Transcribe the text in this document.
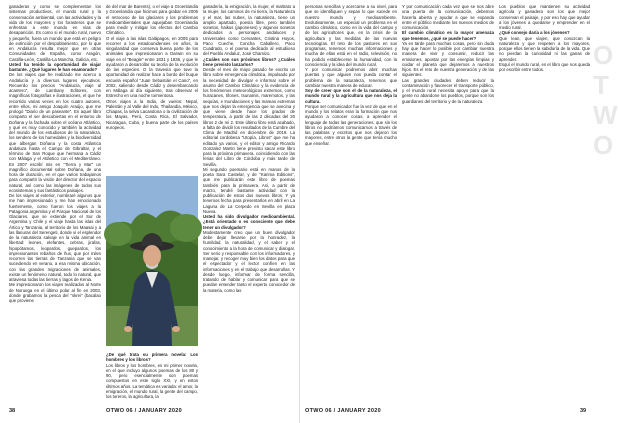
ganaderas y como se complementan los sistemas productivos, el mundo rural y la conservación ambiental, con las actividades y la vida de los mayores y los forasteros que se enfrentan a este mundo en vías de desaparición. Es como si el mundo rural, nuevo y pequeño, fuera un mundo que está en peligro de extinción por el despoblamiento, por lo que en Andalucía resulta mejor que en otras Comunidades de España, como Aragón, Castilla-León, Castilla-La Mancha, Galicia, etc.

Usted ha tenido la oportunidad de viajar bastante. ¿Qué lugares le han enamorado?

De los viajes que he realizado me acerco a Andalucía y a diversos lugares ejecutivos. Recuerdo los precios "Andalucía, viaje al acantero", de Lambany Editores, con magníficas fotografías e ilustraciones, el que he recorrido varias veces en los cuatro autores, entre ellos, mi amigo Joaquín Araújo, que me prologó "Diario de un paseante". En aquel libro comparto el ser descubiertas en el entorno de Doñana y la fachada sobre el océano Atlántico, y qué es muy conocido y también la actividad del mundo de los estudiosos de la naturaleza, los sendero de los humedales y la biodiversidad que albergan Doñana y la costa Atlántica andaluza hasta el Campo de Gibraltar, y el término de San Roque que hermana a Cádiz con Málaga y el Atlántico con el Mediterráneo. En 2007 escribí mis en "Tierra y Mar" un magnífico documental sobre Doñana, de una hora de duración, en el que varios trabajamos para compartir la visión del director del espacio natural, así como las imágenes de todos sus ecosistemas y sus fantásticos paisajes.

De los viajes al exterior, nombraré algunos que me han impresionado y me han emocionado fuertemente, como fueron los viajes a la Patagonia argentina y el Parque Nacional de los Glaciares, que se extiende por el Sur de Argentina y Chile y el viaje hasta las islas del Ártico y Tanzania, al territorio de los Maasai y a las llanuras del Serengeti, donde vi el esplendor de la naturaleza salvaje en la vida animal en libertad: leones, elefantes, cebras, jirafas, hipopótamos, leopardos, guepardos, los impresionantes rebaños de ñus, que por miles recorren las tierras de Tanzania que se van sucediendo en verano, a esa misma ubicación, con las grandes migraciones de animales, existe un fenómeno natural, todo lo natural, que atraviesa todas las tierras y lagos de Kenia.

Me impresionaron los viajes realizados al Norte de Noruega en el último polar al fin en 2003, donde grabamos la pesca del "skrei" (bacalao que proviene

de del mar de Barents), o el viaje a Groenlandia y Groenlandia que hicimos para grabar en 2006 el retroceso de los glaciares y los problemas medioambientales que aquejaban Groenlandia para medir y mitigar los efectos del Cambio Climático.

O el viaje a las islas Galápagos, en 2005 para recorrer a los estadounidenses en años, la singularidad que conserva buena parte de los animales que impresionaron a Darwin en su viaje en el "Beagle" entre 1831 y 1836, y que le ayudaron a desarrollar su teoría de la evolución de las especies. O la travesía que tuve la oportunidad de realizar hace a bordo del buque escuela español "Juan Sebastián el Cano", en 2002, saliendo desde Cádiz y desembarcando en Málaga al día siguiente, tras observar el Estrecho en una noche tormentosa.

Otros viajes a la India, de vuelos: Nepal, Pakistán y al Valle del Indo, Thailandia, México, Chiapas, la selva Lacandona o la civilización de los Mayas, Perú, Costa Rica, El Salvador, Nicaragua, Cuba, y buena parte de los países europeos.

¿De qué trata su primera novela: Los hombres y los libros?

Los libros y los hombres, es mi primer novela, en el que incluyo algunos poemas de los 80 y 90, pero esencialmente son poemas compuestos en este siglo XXI, y en estos últimos años. La temática es variada: el amor, la emigración, el mundo rural, la gente del campo, los toreros, la agricultura, la

ganadería, la emigración, la mujer, el maltrato a la mujer, los caminos de mi tierra, la Naturaleza y el mar, las nubes, la naturaleza, tiene un amplio apartado, poesía libre, pero también sonetos, haikus (japoneses) y algunos sonetos dedicados a personajes andaluces y Universales como Cervantes, Cristina Hoyos, Paco Cueche, Concha Caballero, Paco Cuadrado, o el poema dedicado al estudiioso del Pueblo Andaluz, José Chamizo.

¿Cuáles son sus próximos libros? ¿Cuáles tiene previsto lanzarlos?

Desde el mes de mayo pasado he escrito un libro sobre emergencia climática, impulsado por la necesidad de divulgar e informar sobre el asunto del Cambio Climático y la evidencia de los fenómenos meteorológicos extremos, como huracanes, tifones, tsunamis, maremotos, y las sequías, e Inundaciones y las mareas extremas que nos dejan la emergencia que se avecina y que viene desde hace los grados de temperatura, a partir de las 2 décadas del 20 libros 2 de mi 2. Este último libro está acabado, a falta de dividir los resultados de la Cumbre del Clima de Madrid en diciembre de 2019. La editorial cordobesa "Utopía, Libros" que me ha editado ya varios, y el editor y amigo Ricardo Gonzalez Martin tiene previsto sacar este libro para la próxima primavera, coincidiendo con las ferias del Libro de Córdoba y más tarde de Sevilla.

Mi segundo poemario está en manos de la poeta Sara Castelar, y de "Karima Editions", que me publicarán este libro de poemas también para la primavera. Así, a partir de marzo, tendré bastante actividad con la publicación de estos dos nuevos libros. Y ya tenemos fecha para presentarlos en abril en La Laguna de La Cerpedo en Sevilla en plaza Nueva.

Usted ha sido divulgador medioambiental. ¿Está orientado o es consciente que debe tener un divulgador?

Modestamente creo que un buen divulgador debe dejar llevarse por la honradez, la humildad, la naturalidad, y el saber y el conocimiento a la hora de comunicar y dialogar. Ser serio y responsable con los informadores, y manejar, y recoger muy bien los datos para que el espectador y el lector confíen en las informaciones y en el trabajo que desarrollas. Y desde luego, informar de forma sencilla, tratando de hablar y comunicar para que se puedan entender tanto el experto conocedor de la materia, como las

38	OTWO 06 / JANUARY 2020

personas sencillas y acercarse a su nivel, para que se identifiquen y sepan lo que sucede en nuestro mundo y medioambiente. Evolutivamente, un especial un problema en el cambio climático, como en la vida del campo y de los agricultores que, en la crisis de la agricultura y las medidas de las nuevas tecnologías. El reto de los pastores en sus programas, tenemos muchas informaciones y mucha de ellas está en el radio, televisión, no ha podido establecerse la humanidad, con la consciencia y la idea del mundo rural.

Y por comunicar podremos abrir muchas puertas y que alguien nos pueda contar el problema de la naturaleza, tenemos que cambiar nuestra manera de educar.

Soy de creer que son el de la naturaleza, el mundo rural y la agricultura que nos deja la cultura.

Porque ser comunicador fue la vez de que en el mundo y los relatos eran la formación que nos ayudaron a conocer cosas, a aprender el lenguaje de todas las generaciones, que sin los libros no podríamos comunicarnos a través de las palabras y escritos que nos dejaron los mayores, entre otros la gente que tenía mucho que enseñar.

Y por comunicación cada vez que se nos abre una puerta de la comunicación, debemos hacerla abierta y ayudar a que se expanda entre el público mediante los nuevos medios de comunicación.

El cambio climático es la mayor amenaza que tenemos, ¿qué se puede hacer?

Ya es tarde para muchas cosas, pero sin duda hay que hacer lo posible por cambiar nuestra manera de vivir y consumir, reducir las emisiones, apostar por las energías limpias y cuidar el planeta que dejaremos a nuestros hijos. Es el reto de nuestra generación y de las siguientes.

Las grandes ciudades deben reducir la contaminación y favorecer el transporte público, y el mundo rural necesita apoyo para que la gente no abandone los pueblos, porque son los guardianes del territorio y de la naturaleza.

Los pueblos que mantienen su actividad agrícola y ganadera son los que mejor conservan el paisaje, y por eso hay que ayudar a los jóvenes a quedarse y emprender en el medio rural.

¿Qué consejo daría a los jóvenes?

Que lean, que viajen, que conozcan la naturaleza y que respeten a los mayores, porque ellos tienen la sabiduría de la vida. Que no pierdan la curiosidad ni las ganas de aprender.

Esquí el mundo rural, es el libro que nos queda por escribir entre todos.	OTWO
OTWO 06 / JANUARY 2020	39
